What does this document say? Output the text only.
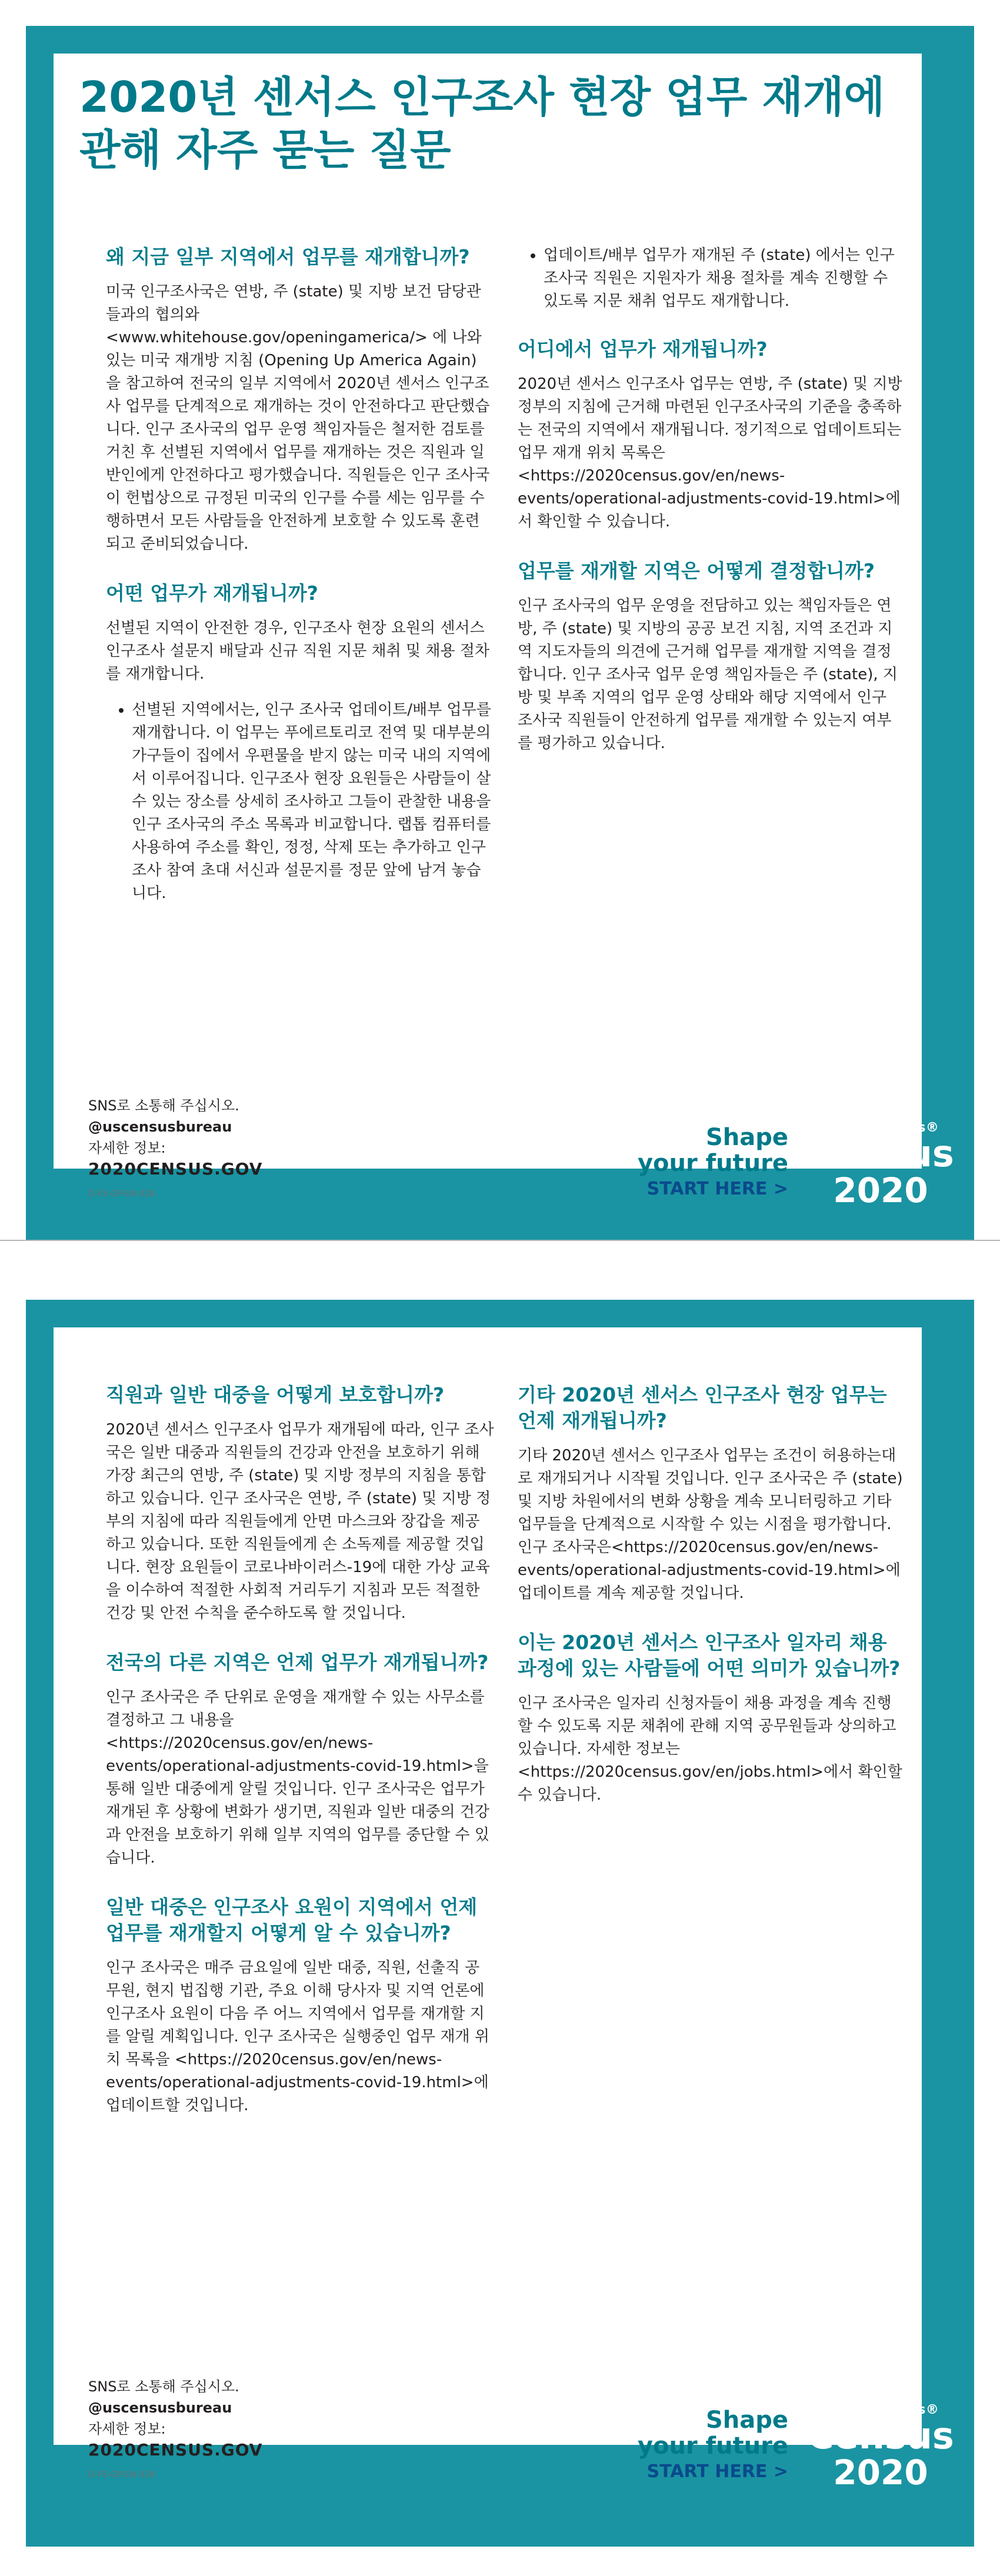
2020년 센서스 인구조사 현장 업무 재개에 관해 자주 묻는 질문
왜 지금 일부 지역에서 업무를 재개합니까?

미국 인구조사국은 연방, 주 (state) 및 지방 보건 담당관들과의 협의와 <www.whitehouse.gov/openingamerica/> 에 나와 있는 미국 재개방 지침 (Opening Up America Again) 을 참고하여 전국의 일부 지역에서 2020년 센서스 인구조사 업무를 단계적으로 재개하는 것이 안전하다고 판단했습니다. 인구 조사국의 업무 운영 책임자들은 철저한 검토를 거친 후 선별된 지역에서 업무를 재개하는 것은 직원과 일반인에게 안전하다고 평가했습니다. 직원들은 인구 조사국이 헌법상으로 규정된 미국의 인구를 수를 세는 임무를 수행하면서 모든 사람들을 안전하게 보호할 수 있도록 훈련되고 준비되었습니다.

어떤 업무가 재개됩니까?

선별된 지역이 안전한 경우, 인구조사 현장 요원의 센서스 인구조사 설문지 배달과 신규 직원 지문 채취 및 채용 절차를 재개합니다.

• 선별된 지역에서는, 인구 조사국 업데이트/배부 업무를 재개합니다. 이 업무는 푸에르토리코 전역 및 대부분의 가구들이 집에서 우편물을 받지 않는 미국 내의 지역에서 이루어집니다. 인구조사 현장 요원들은 사람들이 살 수 있는 장소를 상세히 조사하고 그들이 관찰한 내용을 인구 조사국의 주소 목록과 비교합니다. 랩톱 컴퓨터를 사용하여 주소를 확인, 정정, 삭제 또는 추가하고 인구조사 참여 초대 서신과 설문지를 정문 앞에 남겨 놓습니다.
• 업데이트/배부 업무가 재개된 주 (state) 에서는 인구 조사국 직원은 지원자가 채용 절차를 계속 진행할 수 있도록 지문 채취 업무도 재개합니다.
어디에서 업무가 재개됩니까?

2020년 센서스 인구조사 업무는 연방, 주 (state) 및 지방 정부의 지침에 근거해 마련된 인구조사국의 기준을 충족하는 전국의 지역에서 재개됩니다. 정기적으로 업데이트되는 업무 재개 위치 목록은 <https://2020census.gov/en/news-events/operational-adjustments-covid-19.html>에서 확인할 수 있습니다.

업무를 재개할 지역은 어떻게 결정합니까?

인구 조사국의 업무 운영을 전담하고 있는 책임자들은 연방, 주 (state) 및 지방의 공공 보건 지침, 지역 조건과 지역 지도자들의 의견에 근거해 업무를 재개할 지역을 결정합니다. 인구 조사국 업무 운영 책임자들은 주 (state), 지방 및 부족 지역의 업무 운영 상태와 해당 지역에서 인구 조사국 직원들이 안전하게 업무를 재개할 수 있는지 여부를 평가하고 있습니다.

SNS로 소통해 주십시오.
@uscensusbureau
자세한 정보:
2020CENSUS.GOV
D-FS-GP-EN-028
Shape
your future
START HERE >
United States®
Census
2020
직원과 일반 대중을 어떻게 보호합니까?

2020년 센서스 인구조사 업무가 재개됨에 따라, 인구 조사국은 일반 대중과 직원들의 건강과 안전을 보호하기 위해 가장 최근의 연방, 주 (state) 및 지방 정부의 지침을 통합하고 있습니다. 인구 조사국은 연방, 주 (state) 및 지방 정부의 지침에 따라 직원들에게 안면 마스크와 장갑을 제공하고 있습니다. 또한 직원들에게 손 소독제를 제공할 것입니다. 현장 요원들이 코로나바이러스-19에 대한 가상 교육을 이수하여 적절한 사회적 거리두기 지침과 모든 적절한 건강 및 안전 수칙을 준수하도록 할 것입니다.

전국의 다른 지역은 언제 업무가 재개됩니까?

인구 조사국은 주 단위로 운영을 재개할 수 있는 사무소를 결정하고 그 내용을 <https://2020census.gov/en/news-events/operational-adjustments-covid-19.html>을 통해 일반 대중에게 알릴 것입니다. 인구 조사국은 업무가 재개된 후 상황에 변화가 생기면, 직원과 일반 대중의 건강과 안전을 보호하기 위해 일부 지역의 업무를 중단할 수 있습니다.

일반 대중은 인구조사 요원이 지역에서 언제 업무를 재개할지 어떻게 알 수 있습니까?

인구 조사국은 매주 금요일에 일반 대중, 직원, 선출직 공무원, 현지 법집행 기관, 주요 이해 당사자 및 지역 언론에 인구조사 요원이 다음 주 어느 지역에서 업무를 재개할 지를 알릴 계획입니다. 인구 조사국은 실행중인 업무 재개 위치 목록을 <https://2020census.gov/en/news-events/operational-adjustments-covid-19.html>에 업데이트할 것입니다.

기타 2020년 센서스 인구조사 현장 업무는 언제 재개됩니까?

기타 2020년 센서스 인구조사 업무는 조건이 허용하는대로 재개되거나 시작될 것입니다. 인구 조사국은 주 (state) 및 지방 차원에서의 변화 상황을 계속 모니터링하고 기타 업무들을 단계적으로 시작할 수 있는 시점을 평가합니다. 인구 조사국은<https://2020census.gov/en/news-events/operational-adjustments-covid-19.html>에 업데이트를 계속 제공할 것입니다.

이는 2020년 센서스 인구조사 일자리 채용 과정에 있는 사람들에 어떤 의미가 있습니까?

인구 조사국은 일자리 신청자들이 채용 과정을 계속 진행할 수 있도록 지문 채취에 관해 지역 공무원들과 상의하고 있습니다. 자세한 정보는 <https://2020census.gov/en/jobs.html>에서 확인할 수 있습니다.

SNS로 소통해 주십시오.
@uscensusbureau
자세한 정보:
2020CENSUS.GOV
D-FS-GP-EN-028
Shape
your future
START HERE >
United States®
Census
2020
